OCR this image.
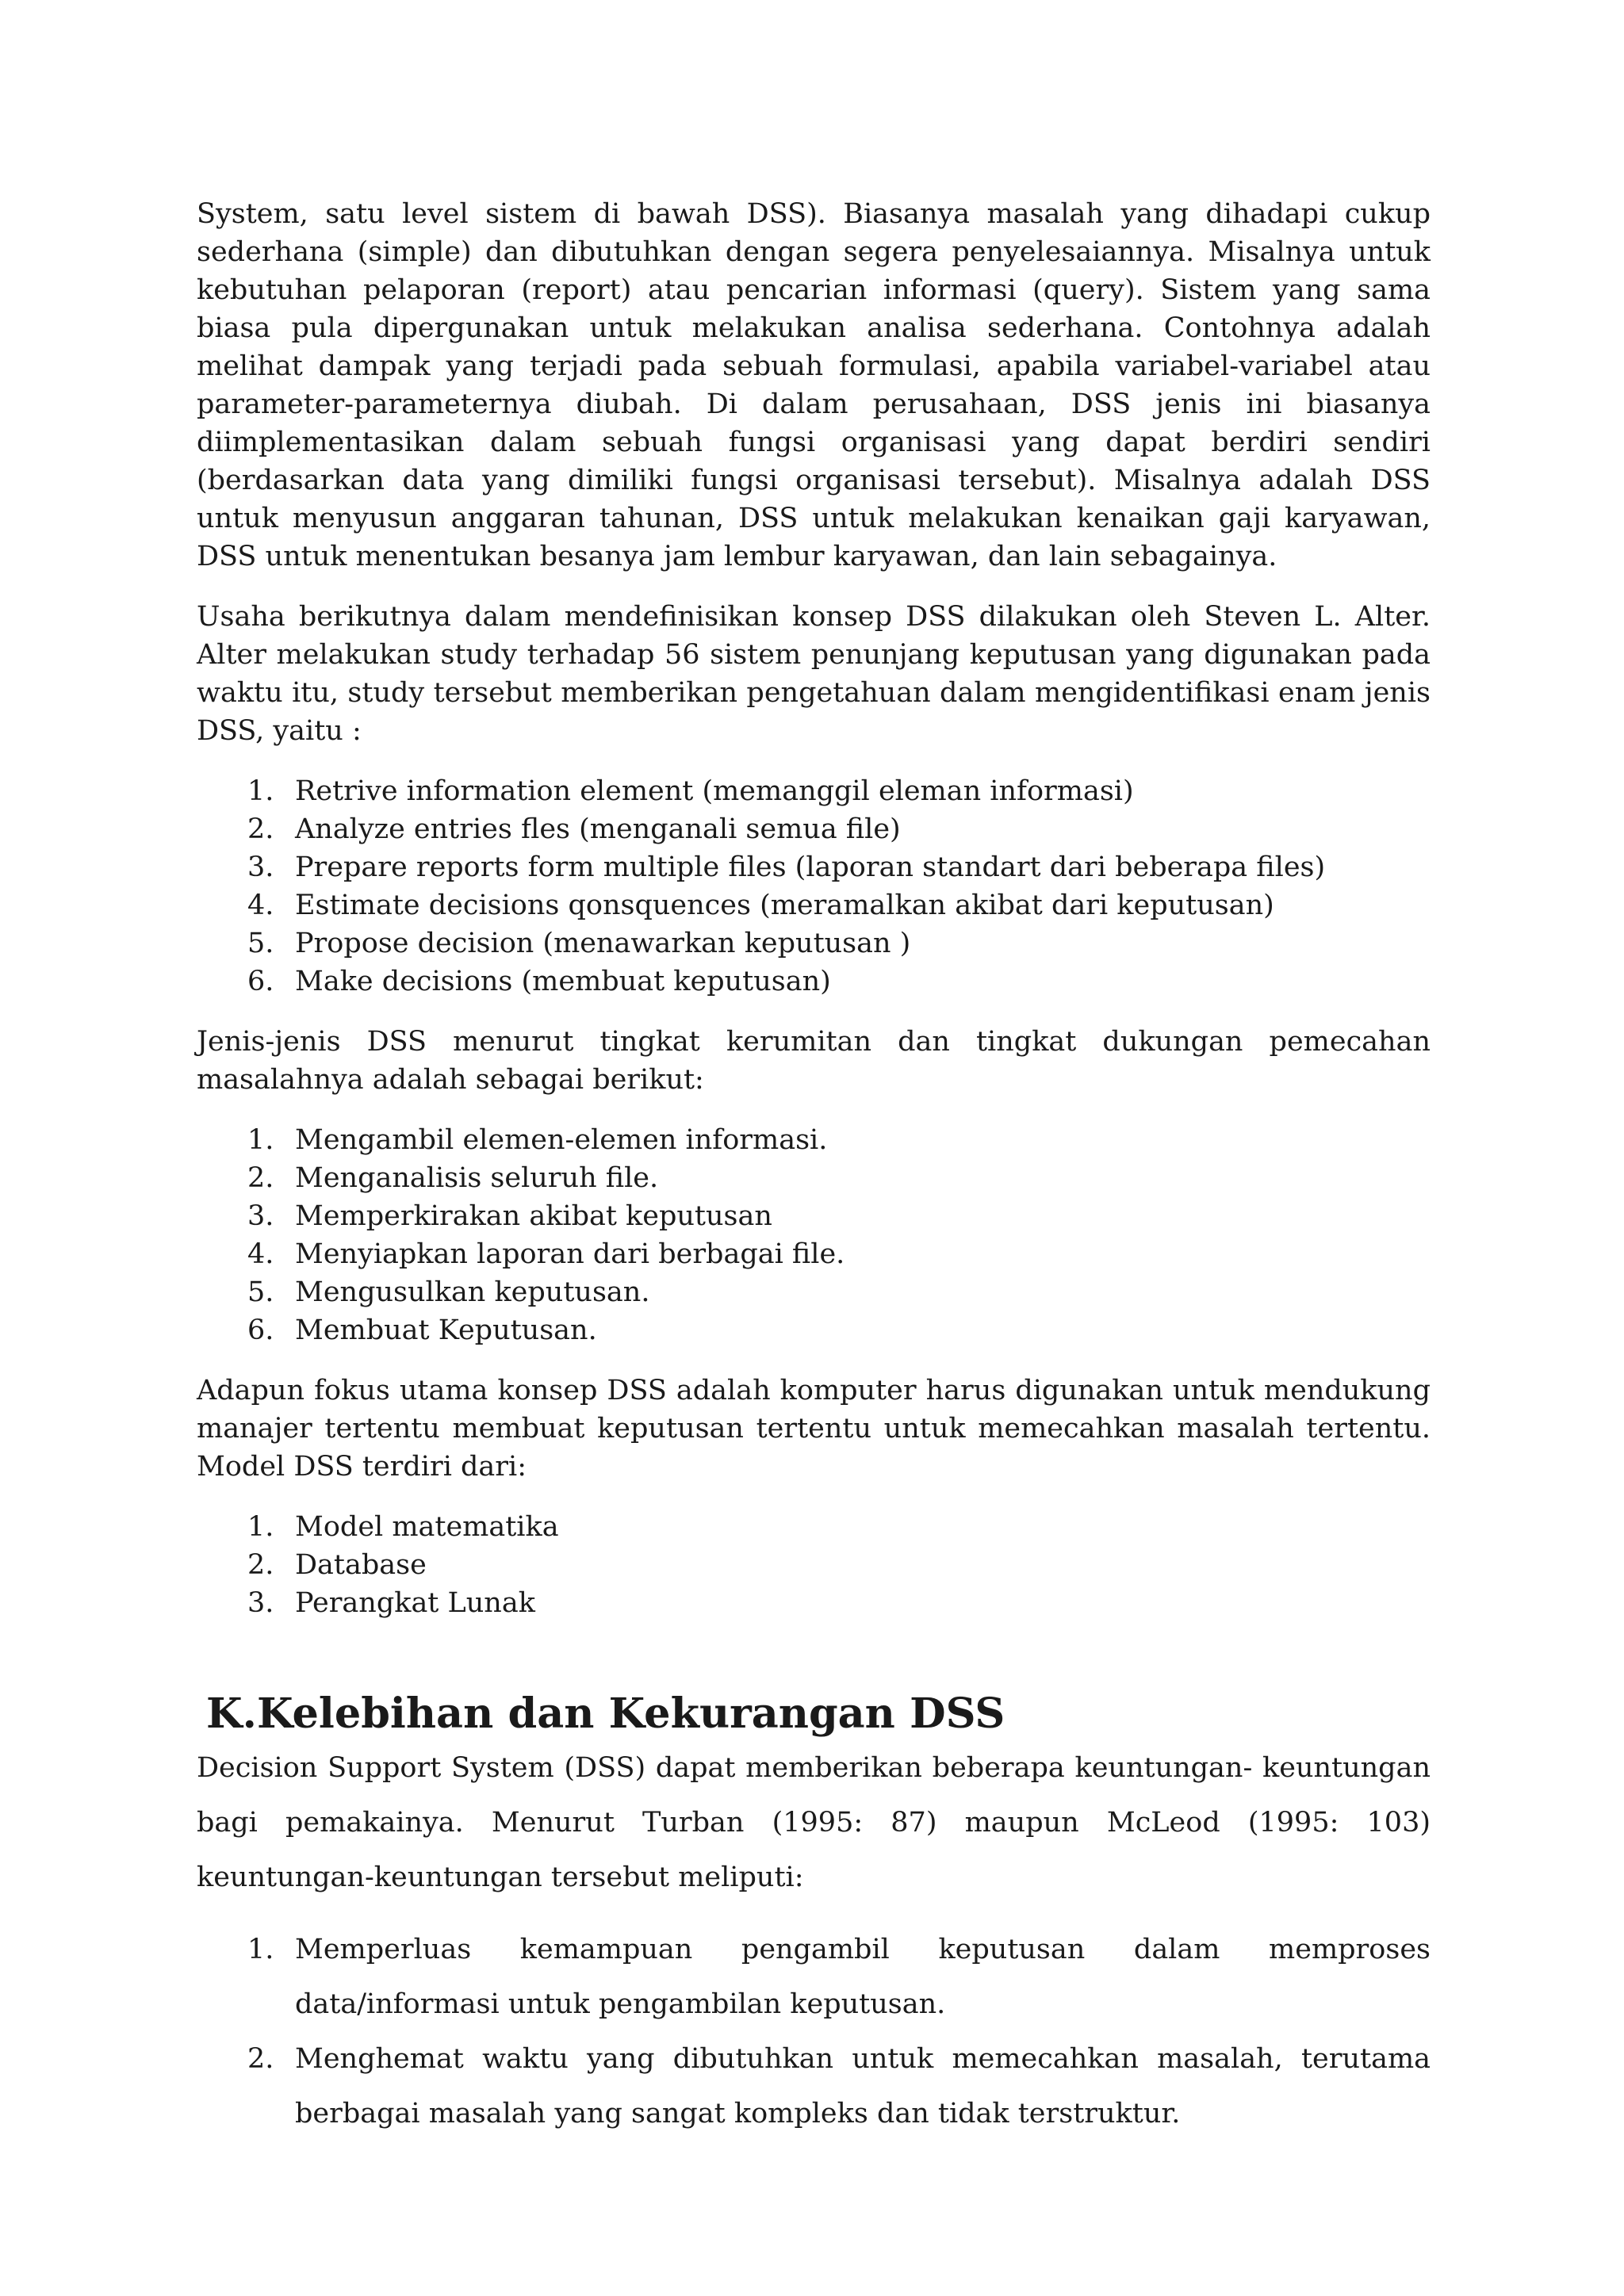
System, satu level sistem di bawah DSS). Biasanya masalah yang dihadapi cukup sederhana (simple) dan dibutuhkan dengan segera penyelesaiannya. Misalnya untuk kebutuhan pelaporan (report) atau pencarian informasi (query). Sistem yang sama biasa pula dipergunakan untuk melakukan analisa sederhana. Contohnya adalah melihat dampak yang terjadi pada sebuah formulasi, apabila variabel-variabel atau parameter-parameternya diubah. Di dalam perusahaan, DSS jenis ini biasanya diimplementasikan dalam sebuah fungsi organisasi yang dapat berdiri sendiri (berdasarkan data yang dimiliki fungsi organisasi tersebut). Misalnya adalah DSS untuk menyusun anggaran tahunan, DSS untuk melakukan kenaikan gaji karyawan, DSS untuk menentukan besanya jam lembur karyawan, dan lain sebagainya.

Usaha berikutnya dalam mendefinisikan konsep DSS dilakukan oleh Steven L. Alter. Alter melakukan study terhadap 56 sistem penunjang keputusan yang digunakan pada waktu itu, study tersebut memberikan pengetahuan dalam mengidentifikasi enam jenis DSS, yaitu :

1. Retrive information element (memanggil eleman informasi)
2. Analyze entries fles (menganali semua file)
3. Prepare reports form multiple files (laporan standart dari beberapa files)
4. Estimate decisions qonsquences (meramalkan akibat dari keputusan)
5. Propose decision (menawarkan keputusan )
6. Make decisions (membuat keputusan)

Jenis-jenis DSS menurut tingkat kerumitan dan tingkat dukungan pemecahan masalahnya adalah sebagai berikut:

1. Mengambil elemen-elemen informasi.
2. Menganalisis seluruh file.
3. Memperkirakan akibat keputusan
4. Menyiapkan laporan dari berbagai file.
5. Mengusulkan keputusan.
6. Membuat Keputusan.

Adapun fokus utama konsep DSS adalah komputer harus digunakan untuk mendukung manajer tertentu membuat keputusan tertentu untuk memecahkan masalah tertentu. Model DSS terdiri dari:

1. Model matematika
2. Database
3. Perangkat Lunak
K.Kelebihan dan Kekurangan DSS

Decision Support System (DSS) dapat memberikan beberapa keuntungan- keuntungan bagi pemakainya. Menurut Turban (1995: 87) maupun McLeod (1995: 103) keuntungan-keuntungan tersebut meliputi:

1. Memperluas kemampuan pengambil keputusan dalam memproses data/informasi untuk pengambilan keputusan.
2. Menghemat waktu yang dibutuhkan untuk memecahkan masalah, terutama berbagai masalah yang sangat kompleks dan tidak terstruktur.
